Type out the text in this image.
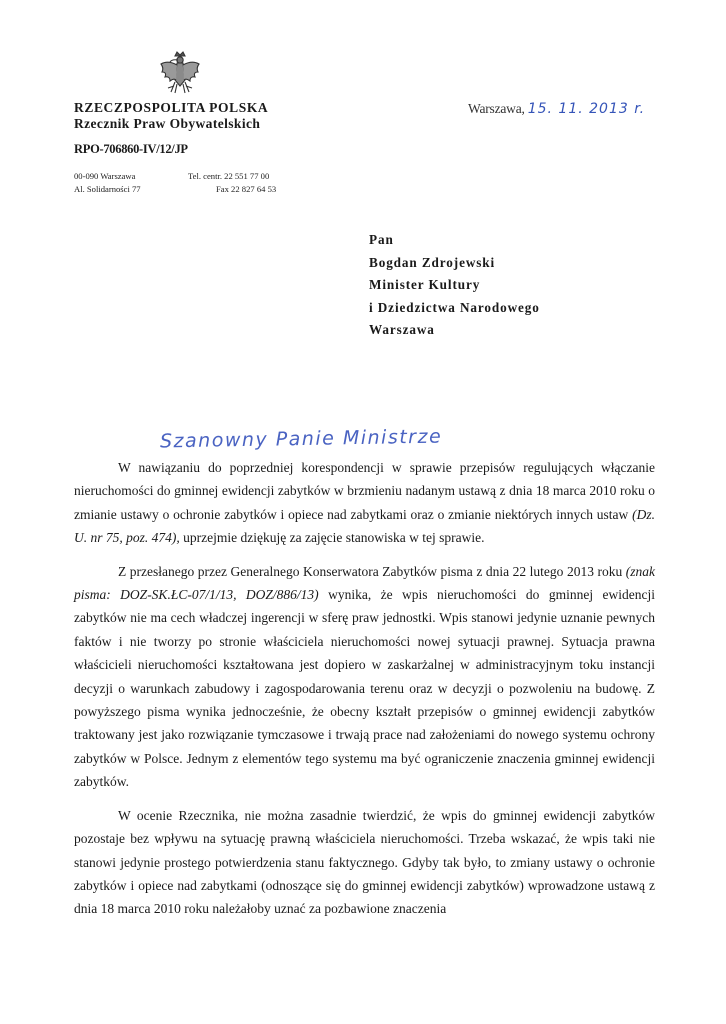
RZECZPOSPOLITA POLSKA
Rzecznik Praw Obywatelskich
RPO-706860-IV/12/JP
00-090 Warszawa
Al. Solidarności 77
Tel. centr. 22 551 77 00
Fax 22 827 64 53
Warszawa, 15. 11. 2013 r.
Pan
Bogdan Zdrojewski
Minister Kultury
i Dziedzictwa Narodowego
Warszawa
Szanowny Panie Ministrze

W nawiązaniu do poprzedniej korespondencji w sprawie przepisów regulujących włączanie nieruchomości do gminnej ewidencji zabytków w brzmieniu nadanym ustawą z dnia 18 marca 2010 roku o zmianie ustawy o ochronie zabytków i opiece nad zabytkami oraz o zmianie niektórych innych ustaw (Dz. U. nr 75, poz. 474), uprzejmie dziękuję za zajęcie stanowiska w tej sprawie.

Z przesłanego przez Generalnego Konserwatora Zabytków pisma z dnia 22 lutego 2013 roku (znak pisma: DOZ-SK.ŁC-07/1/13, DOZ/886/13) wynika, że wpis nieruchomości do gminnej ewidencji zabytków nie ma cech władczej ingerencji w sferę praw jednostki. Wpis stanowi jedynie uznanie pewnych faktów i nie tworzy po stronie właściciela nieruchomości nowej sytuacji prawnej. Sytuacja prawna właścicieli nieruchomości kształtowana jest dopiero w zaskarżalnej w administracyjnym toku instancji decyzji o warunkach zabudowy i zagospodarowania terenu oraz w decyzji o pozwoleniu na budowę. Z powyższego pisma wynika jednocześnie, że obecny kształt przepisów o gminnej ewidencji zabytków traktowany jest jako rozwiązanie tymczasowe i trwają prace nad założeniami do nowego systemu ochrony zabytków w Polsce. Jednym z elementów tego systemu ma być ograniczenie znaczenia gminnej ewidencji zabytków.

W ocenie Rzecznika, nie można zasadnie twierdzić, że wpis do gminnej ewidencji zabytków pozostaje bez wpływu na sytuację prawną właściciela nieruchomości. Trzeba wskazać, że wpis taki nie stanowi jedynie prostego potwierdzenia stanu faktycznego. Gdyby tak było, to zmiany ustawy o ochronie zabytków i opiece nad zabytkami (odnoszące się do gminnej ewidencji zabytków) wprowadzone ustawą z dnia 18 marca 2010 roku należałoby uznać za pozbawione znaczenia
